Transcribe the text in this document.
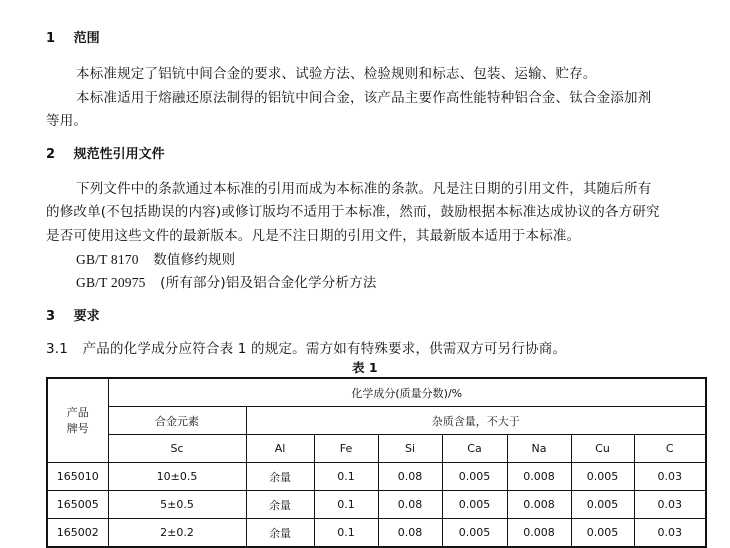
1 范围
本标准规定了铝钪中间合金的要求、试验方法、检验规则和标志、包装、运输、贮存。
本标准适用于熔融还原法制得的铝钪中间合金，该产品主要作高性能特种铝合金、钛合金添加剂
等用。
2 规范性引用文件
下列文件中的条款通过本标准的引用而成为本标准的条款。凡是注日期的引用文件，其随后所有
的修改单(不包括勘误的内容)或修订版均不适用于本标准，然而，鼓励根据本标准达成协议的各方研究
是否可使用这些文件的最新版本。凡是不注日期的引用文件，其最新版本适用于本标准。
GB/T 8170 数值修约规则
GB/T 20975 (所有部分)铝及铝合金化学分析方法
3 要求
3.1 产品的化学成分应符合表 1 的规定。需方如有特殊要求，供需双方可另行协商。
表 1
产品
牌号	化学成分(质量分数)/%							
	合金元素	杂质含量，不大于						
	Sc	Al	Fe	Si	Ca	Na	Cu	C
165010	10±0.5	余量	0.1	0.08	0.005	0.008	0.005	0.03
165005	5±0.5	余量	0.1	0.08	0.005	0.008	0.005	0.03
165002	2±0.2	余量	0.1	0.08	0.005	0.008	0.005	0.03
